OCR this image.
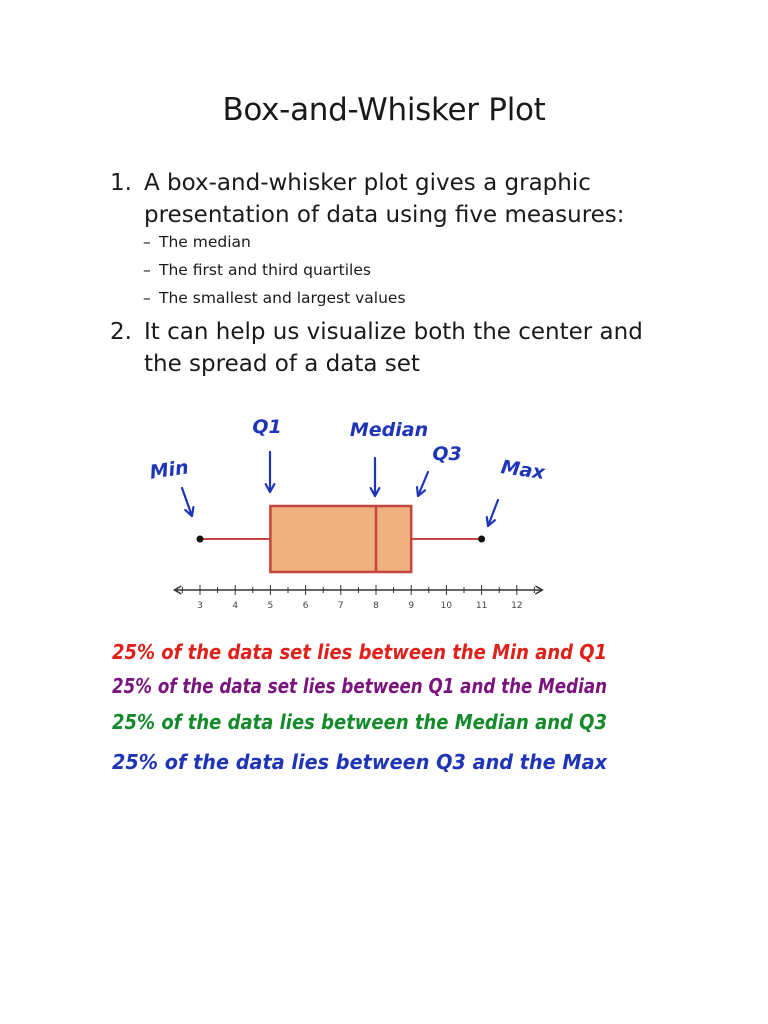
Box-and-Whisker Plot
1. A box-and-whisker plot gives a graphic
presentation of data using five measures:
– The median
– The first and third quartiles
– The smallest and largest values
2. It can help us visualize both the center and
the spread of a data set
3	4	5	6	7	8	9	10	11	12
Min
Q1	Median
Q3
Max
25% of the data set lies between the Min and Q1
25% of the data set lies between Q1 and the Median
25% of the data lies between the Median and Q3
25% of the data lies between Q3 and the Max
